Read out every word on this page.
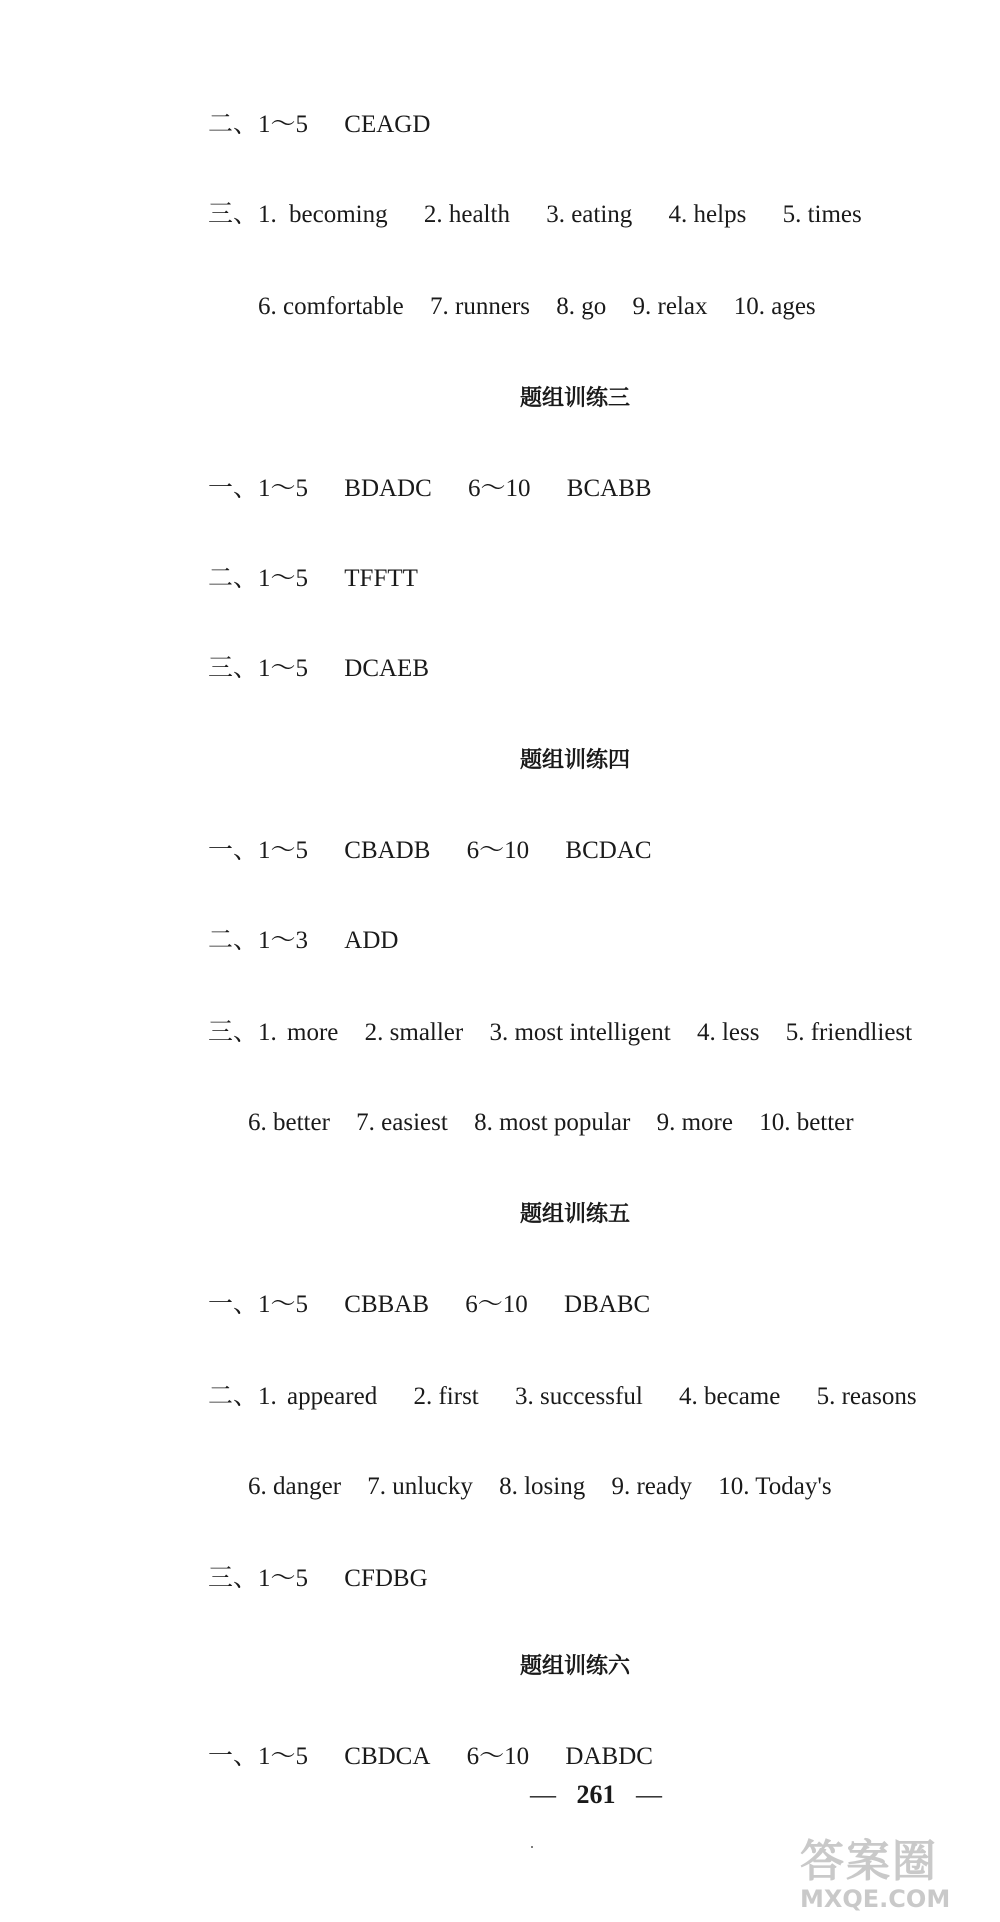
二、1～5 CEAGD
三、1. becoming 2. health 3. eating 4. helps 5. times
6. comfortable 7. runners 8. go 9. relax 10. ages
题组训练三
一、1～5 BDADC 6～10 BCABB
二、1～5 TFFTT
三、1～5 DCAEB
题组训练四
一、1～5 CBADB 6～10 BCDAC
二、1～3 ADD
三、1. more 2. smaller 3. most intelligent 4. less 5. friendliest
6. better 7. easiest 8. most popular 9. more 10. better
题组训练五
一、1～5 CBBAB 6～10 DBABC
二、1. appeared 2. first 3. successful 4. became 5. reasons
6. danger 7. unlucky 8. losing 9. ready 10. Today's
三、1～5 CFDBG
题组训练六
一、1～5 CBDCA 6～10 DABDC
— 261 —
答案圈
MXQE.COM
